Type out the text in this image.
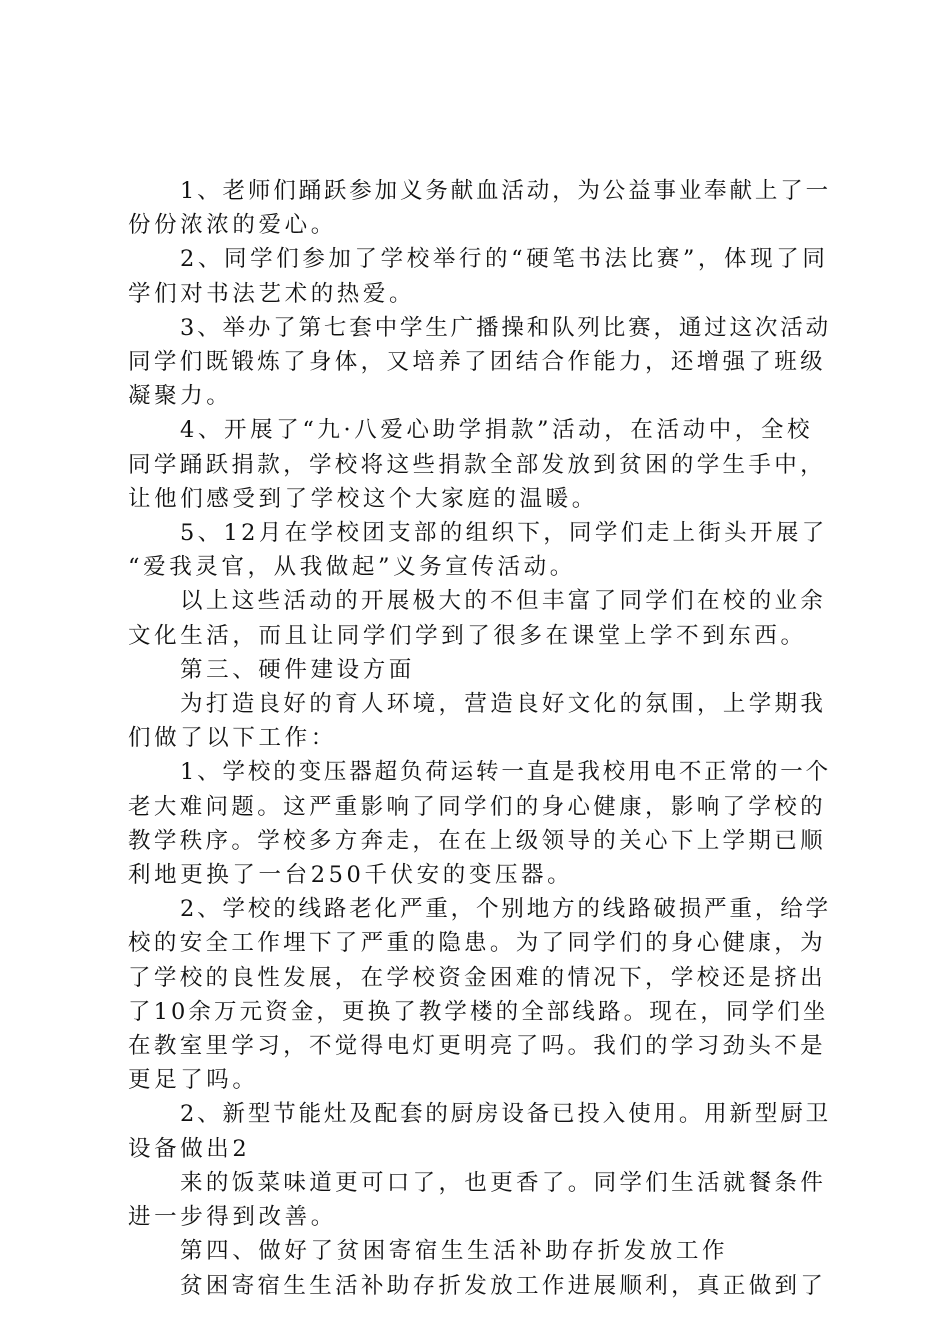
1、老师们踊跃参加义务献血活动，为公益事业奉献上了一
份份浓浓的爱心。
2、同学们参加了学校举行的“硬笔书法比赛”，体现了同
学们对书法艺术的热爱。
3、举办了第七套中学生广播操和队列比赛，通过这次活动
同学们既锻炼了身体，又培养了团结合作能力，还增强了班级
凝聚力。
4、开展了“九·八爱心助学捐款”活动，在活动中，全校
同学踊跃捐款，学校将这些捐款全部发放到贫困的学生手中，
让他们感受到了学校这个大家庭的温暖。
5、12月在学校团支部的组织下，同学们走上街头开展了
“爱我灵官，从我做起”义务宣传活动。
以上这些活动的开展极大的不但丰富了同学们在校的业余
文化生活，而且让同学们学到了很多在课堂上学不到东西。
第三、硬件建设方面
为打造良好的育人环境，营造良好文化的氛围，上学期我
们做了以下工作：
1、学校的变压器超负荷运转一直是我校用电不正常的一个
老大难问题。这严重影响了同学们的身心健康，影响了学校的
教学秩序。学校多方奔走，在在上级领导的关心下上学期已顺
利地更换了一台250千伏安的变压器。
2、学校的线路老化严重，个别地方的线路破损严重，给学
校的安全工作埋下了严重的隐患。为了同学们的身心健康，为
了学校的良性发展，在学校资金困难的情况下，学校还是挤出
了10余万元资金，更换了教学楼的全部线路。现在，同学们坐
在教室里学习，不觉得电灯更明亮了吗。我们的学习劲头不是
更足了吗。
2、新型节能灶及配套的厨房设备已投入使用。用新型厨卫
设备做出2
来的饭菜味道更可口了，也更香了。同学们生活就餐条件
进一步得到改善。
第四、做好了贫困寄宿生生活补助存折发放工作
贫困寄宿生生活补助存折发放工作进展顺利，真正做到了
